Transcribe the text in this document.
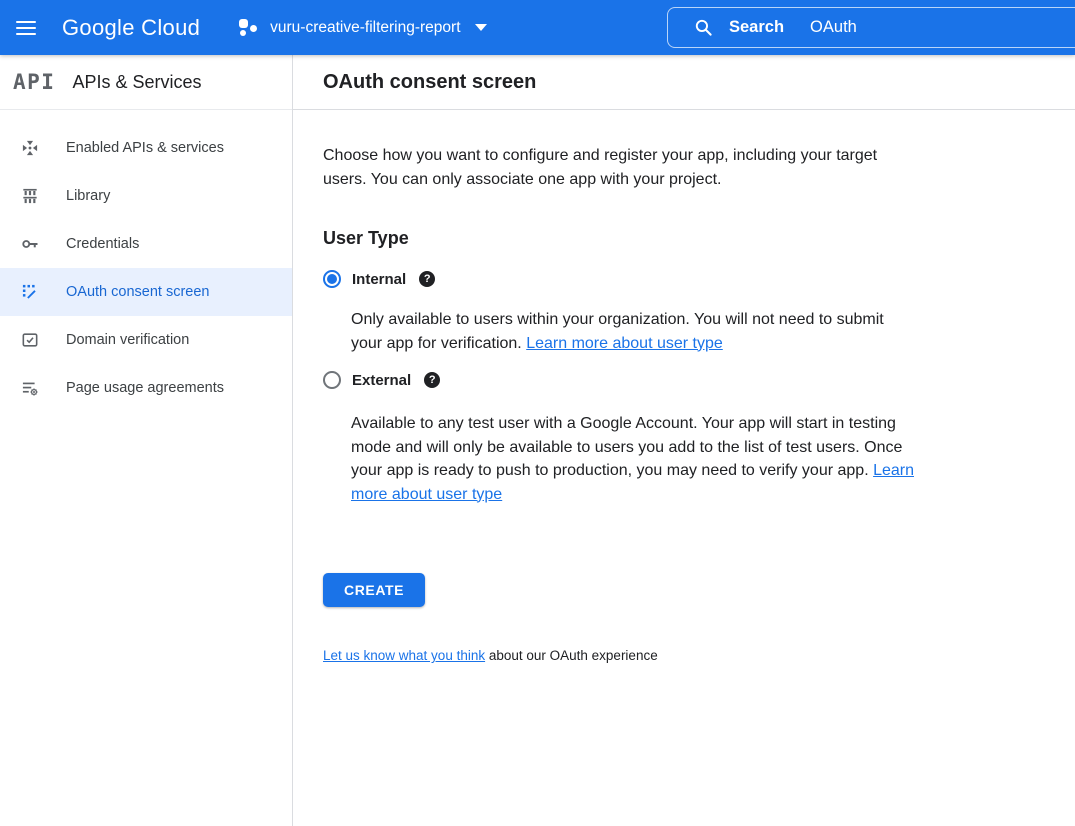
Google Cloud	vuru-creative-filtering-report	Search OAuth
API APIs & Services
Enabled APIs & services
Library
Credentials
OAuth consent screen
Domain verification
Page usage agreements
OAuth consent screen

Choose how you want to configure and register your app, including your target users. You can only associate one app with your project.

User Type
Internal	?

Only available to users within your organization. You will not need to submit your app for verification. Learn more about user type

External	?

Available to any test user with a Google Account. Your app will start in testing mode and will only be available to users you add to the list of test users. Once your app is ready to push to production, you may need to verify your app. Learn more about user type

CREATE

Let us know what you think about our OAuth experience
